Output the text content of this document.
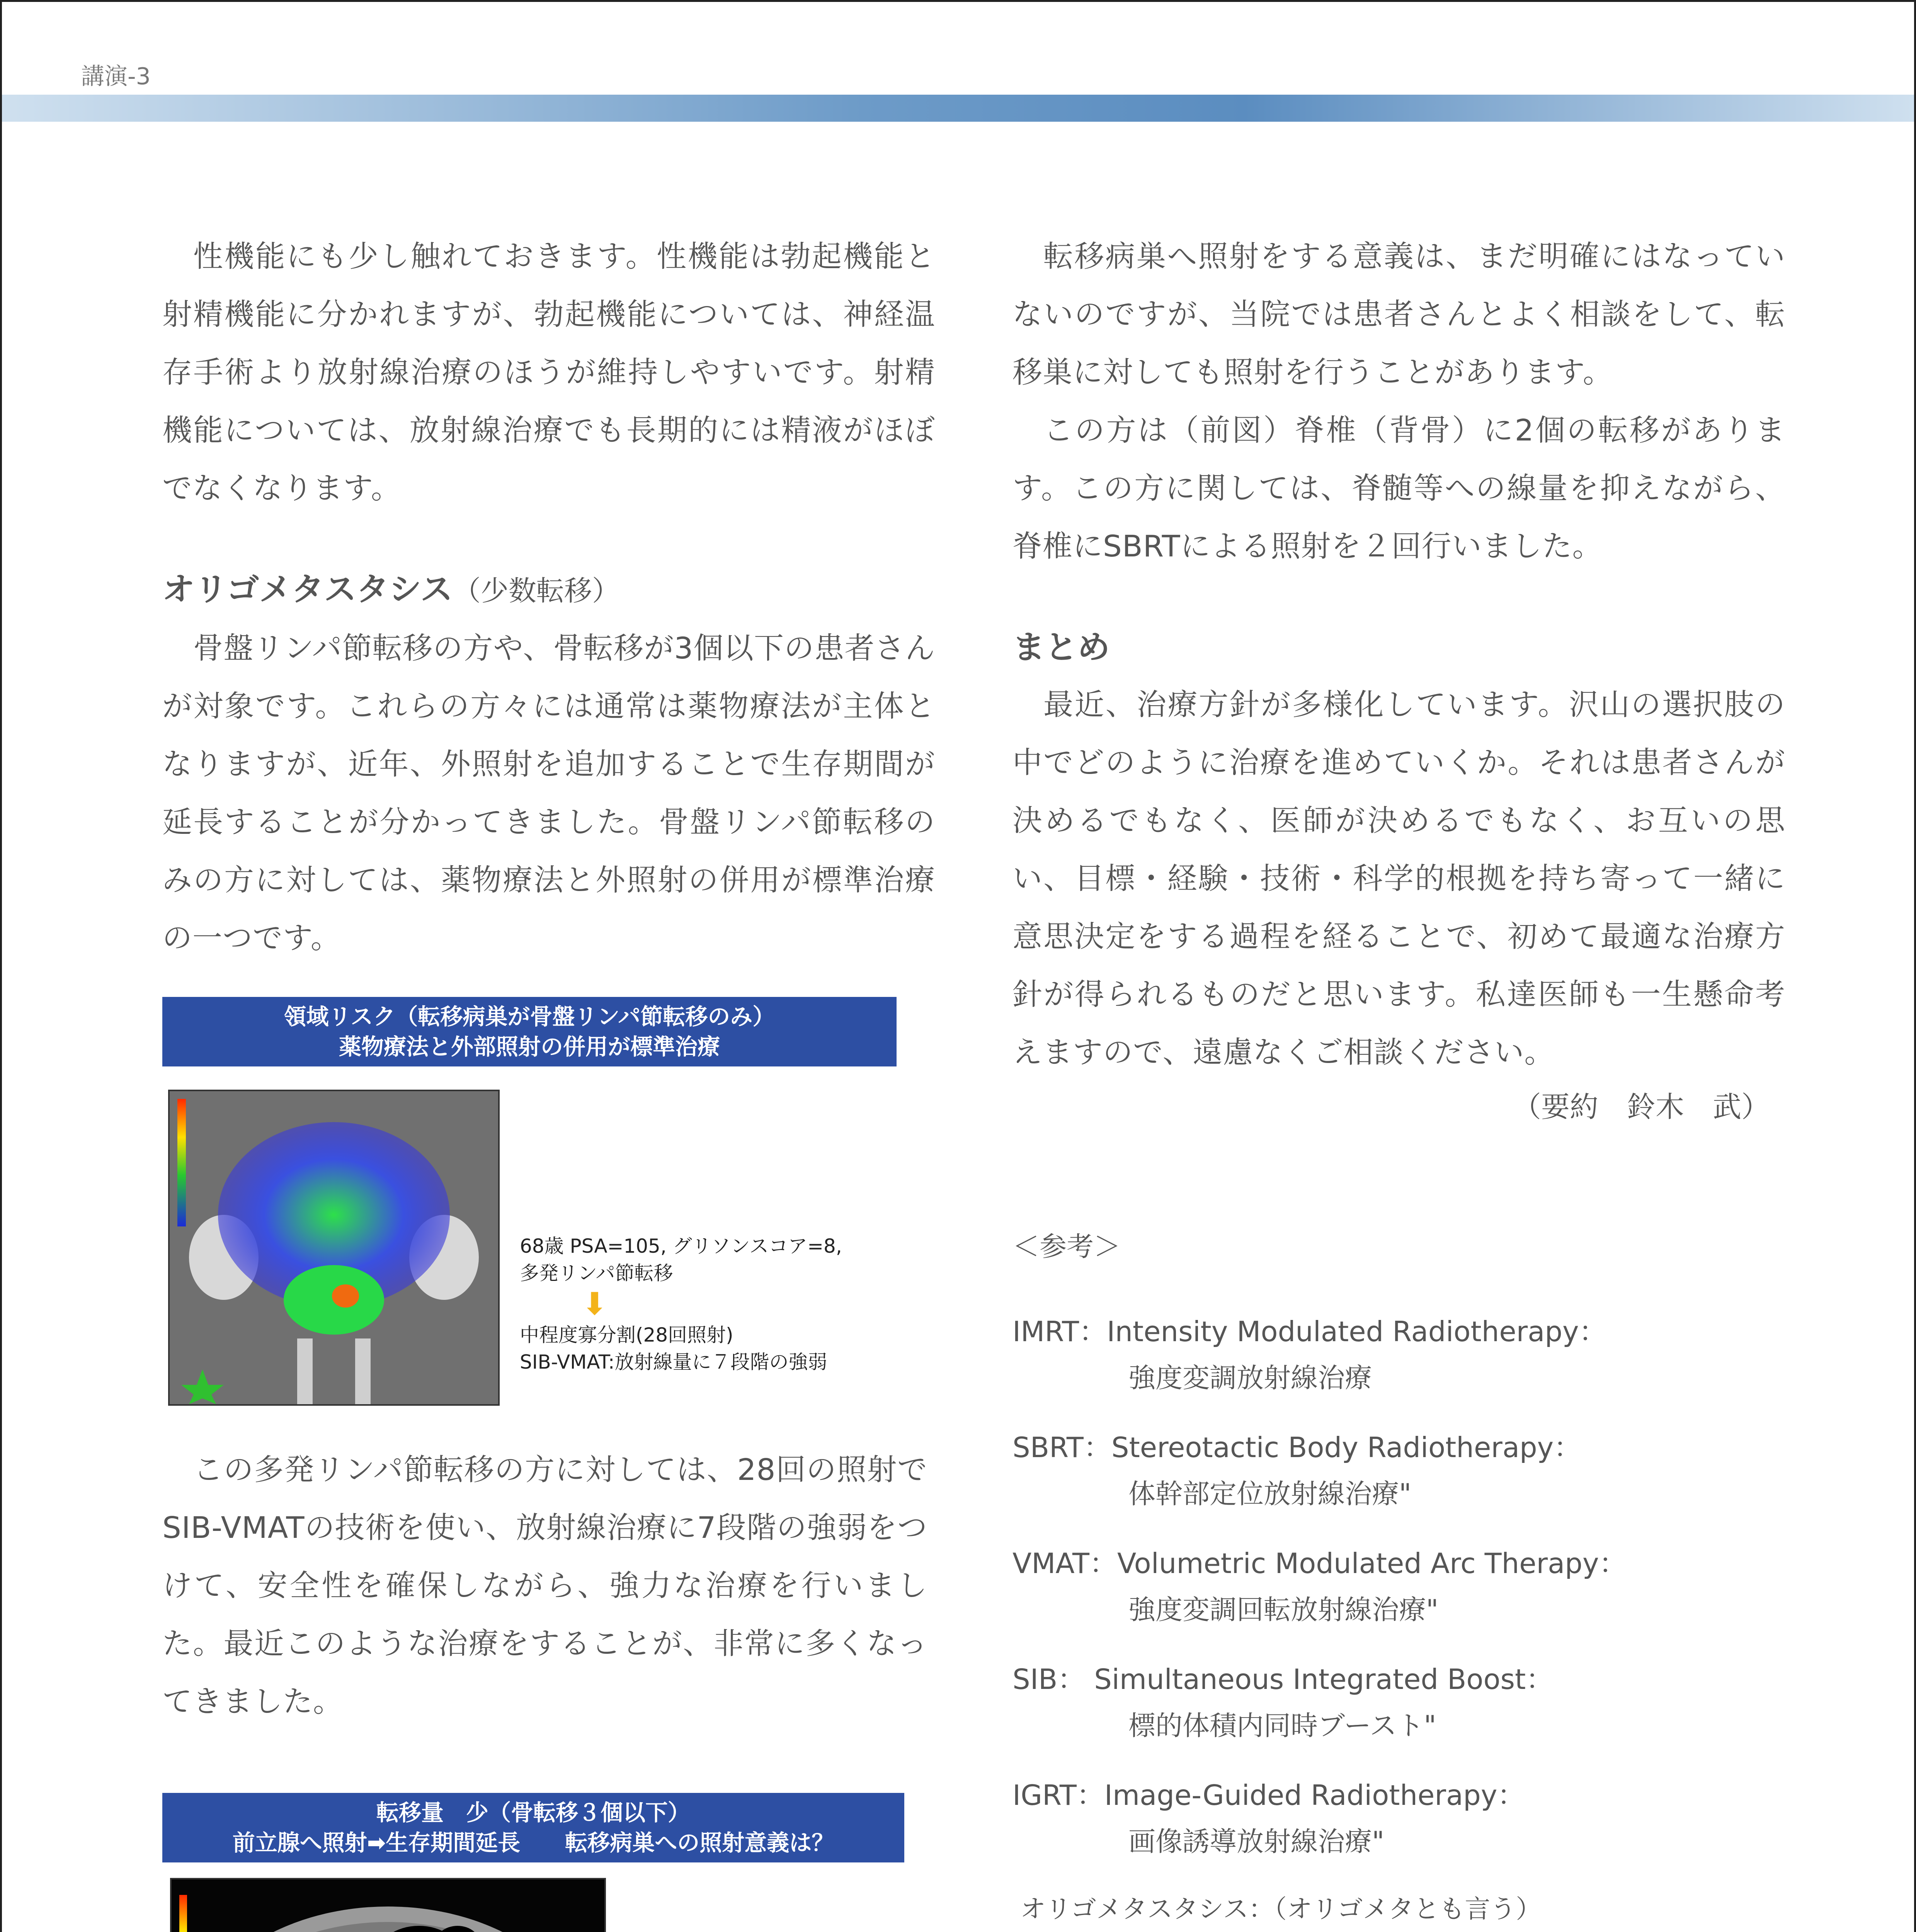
講演-3

性機能にも少し触れておきます。性機能は勃起機能と射精機能に分かれますが、勃起機能については、神経温存手術より放射線治療のほうが維持しやすいです。射精機能については、放射線治療でも長期的には精液がほぼでなくなります。

オリゴメタスタシス（少数転移）

骨盤リンパ節転移の方や、骨転移が3個以下の患者さんが対象です。これらの方々には通常は薬物療法が主体となりますが、近年、外照射を追加することで生存期間が延長することが分かってきました。骨盤リンパ節転移のみの方に対しては、薬物療法と外照射の併用が標準治療の一つです。

領域リスク（転移病巣が骨盤リンパ節転移のみ）
薬物療法と外部照射の併用が標準治療
68歳 PSA=105, グリソンスコア=8,
多発リンパ節転移
⬇
中程度寡分割(28回照射)
SIB-VMAT:放射線量に７段階の強弱

この多発リンパ節転移の方に対しては、28回の照射でSIB-VMATの技術を使い、放射線治療に7段階の強弱をつけて、安全性を確保しながら、強力な治療を行いました。最近このような治療をすることが、非常に多くなってきました。

転移量　少（骨転移３個以下）
前立腺へ照射➡生存期間延長　　転移病巣への照射意義は？

転移病巣へ照射をする意義は、まだ明確にはなっていないのですが、当院では患者さんとよく相談をして、転移巣に対しても照射を行うことがあります。

この方は（前図）脊椎（背骨）に2個の転移があります。この方に関しては、脊髄等への線量を抑えながら、脊椎にSBRTによる照射を２回行いました。

まとめ

最近、治療方針が多様化しています。沢山の選択肢の中でどのように治療を進めていくか。それは患者さんが決めるでもなく、医師が決めるでもなく、お互いの思い、目標・経験・技術・科学的根拠を持ち寄って一緒に意思決定をする過程を経ることで、初めて最適な治療方針が得られるものだと思います。私達医師も一生懸命考えますので、遠慮なくご相談ください。

（要約　鈴木　武）

＜参考＞

IMRT：Intensity Modulated Radiotherapy：

強度変調放射線治療

SBRT：Stereotactic Body Radiotherapy：

体幹部定位放射線治療"

VMAT：Volumetric Modulated Arc Therapy：

強度変調回転放射線治療"

SIB： Simultaneous Integrated Boost：

標的体積内同時ブースト"

IGRT：Image-Guided Radiotherapy：

画像誘導放射線治療"

オリゴメタスタシス：（オリゴメタとも言う）
